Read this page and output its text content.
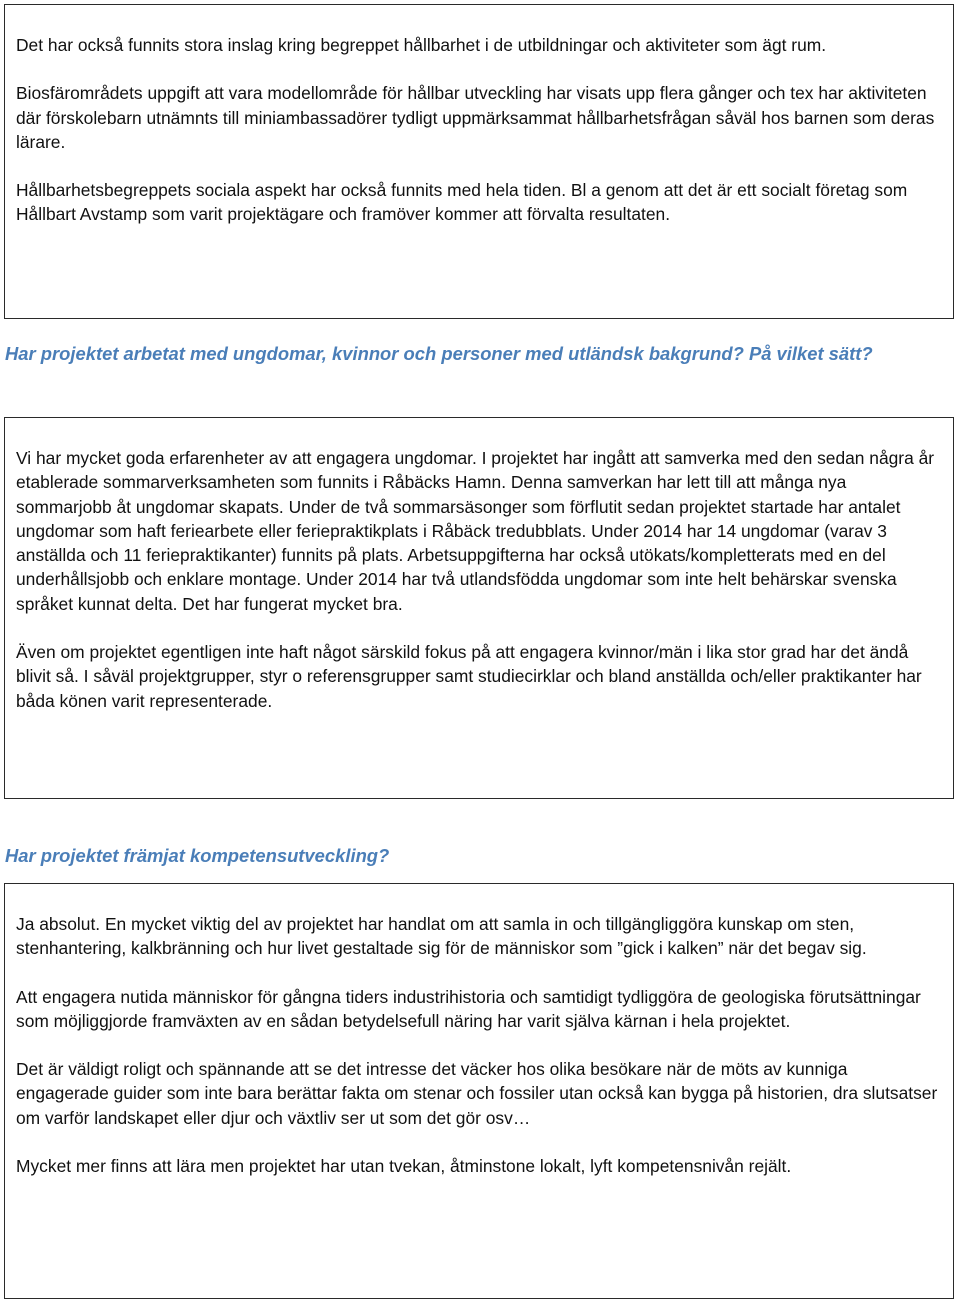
Det har också funnits stora inslag kring begreppet hållbarhet i de utbildningar och aktiviteter som ägt rum.

Biosfärområdets uppgift att vara modellområde för hållbar utveckling har visats upp flera gånger och tex har aktiviteten där förskolebarn utnämnts till miniambassadörer tydligt uppmärksammat hållbarhetsfrågan såväl hos barnen som deras lärare.

Hållbarhetsbegreppets sociala aspekt har också funnits med hela tiden. Bl a genom att det är ett socialt företag som Hållbart Avstamp som varit projektägare och framöver kommer att förvalta resultaten.

Har projektet arbetat med ungdomar, kvinnor och personer med utländsk bakgrund? På vilket sätt?

Vi har mycket goda erfarenheter av att engagera ungdomar. I projektet har ingått att samverka med den sedan några år etablerade sommarverksamheten som funnits i Råbäcks Hamn. Denna samverkan har lett till att många nya sommarjobb åt ungdomar skapats. Under de två sommarsäsonger som förflutit sedan projektet startade har antalet ungdomar som haft feriearbete eller feriepraktikplats i Råbäck tredubblats. Under 2014 har 14 ungdomar (varav 3 anställda och 11 feriepraktikanter) funnits på plats. Arbetsuppgifterna har också utökats/kompletterats med en del underhållsjobb och enklare montage. Under 2014 har två utlandsfödda ungdomar som inte helt behärskar svenska språket kunnat delta. Det har fungerat mycket bra.

Även om projektet egentligen inte haft något särskild fokus på att engagera kvinnor/män i lika stor grad har det ändå blivit så. I såväl projektgrupper, styr o referensgrupper samt studiecirklar och bland anställda och/eller praktikanter har båda könen varit representerade.

Har projektet främjat kompetensutveckling?

Ja absolut. En mycket viktig del av projektet har handlat om att samla in och tillgängliggöra kunskap om sten, stenhantering, kalkbränning och hur livet gestaltade sig för de människor som ”gick i kalken” när det begav sig.

Att engagera nutida människor för gångna tiders industrihistoria och samtidigt tydliggöra de geologiska förutsättningar som möjliggjorde framväxten av en sådan betydelsefull näring har varit själva kärnan i hela projektet.

Det är väldigt roligt och spännande att se det intresse det väcker hos olika besökare när de möts av kunniga engagerade guider som inte bara berättar fakta om stenar och fossiler utan också kan bygga på historien, dra slutsatser om varför landskapet eller djur och växtliv ser ut som det gör osv…

Mycket mer finns att lära men projektet har utan tvekan, åtminstone lokalt, lyft kompetensnivån rejält.
